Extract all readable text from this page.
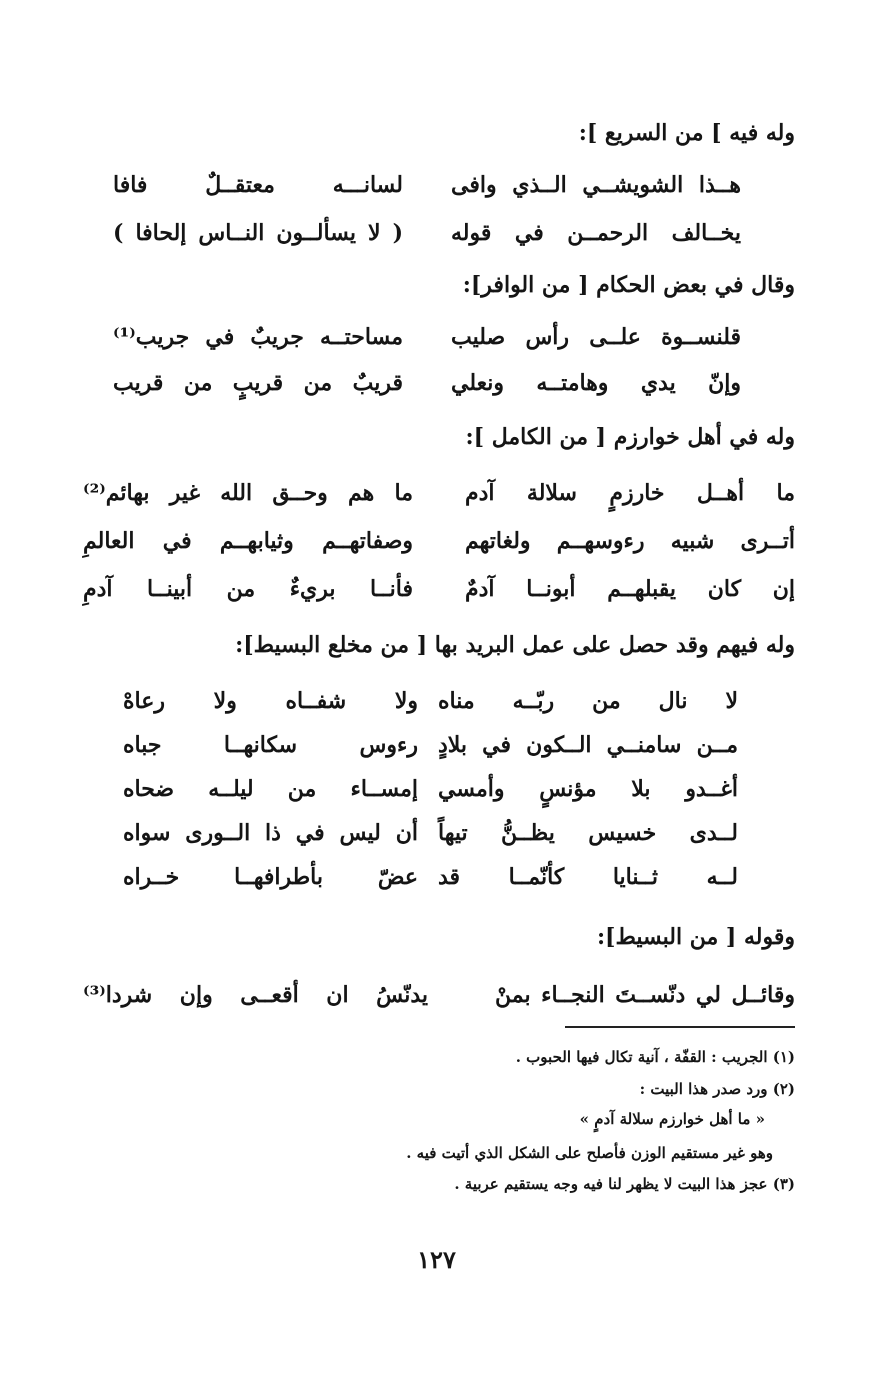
وله فيه ] من السريع ]:
هــذا الشويشــي الــذي وافى
لسانـــه معتقــلٌ فافا
يخــالف الرحمــن في قوله
( لا يسألــون النــاس إلحافا )
وقال في بعض الحكام [ من الوافر]:
قلنســوة علــى رأس صليب
مساحتــه جريبٌ في جريب⁽¹⁾
وإنّ يدي وهامتــه ونعلي
قريبٌ من قريبٍ من قريب
وله في أهل خوارزم [ من الكامل ]:
ما أهــل خارزمٍ سلالة آدم
ما هم وحــق الله غير بهائم⁽²⁾
أتــرى شبيه رءوسهــم ولغاتهم
وصفاتهــم وثيابهــم في العالمِ
إن كان يقبلهــم أبونــا آدمٌ
فأنــا بريءٌ من أبينــا آدمِ
وله فيهم وقد حصل على عمل البريد بها [ من مخلع البسيط]:
لا نال من ربّــه مناه
ولا شفــاه ولا رعاهْ
مــن سامنــي الــكون في بلادٍ
رءوس سكانهــا جباه
أغــدو بلا مؤنسٍ وأمسي
إمســاء من ليلــه ضحاه
لــدى خسيس يظــنُّ تيهاً
أن ليس في ذا الــورى سواه
لــه ثــنايا كأنّمــا قد
عضّ بأطرافهــا خــراه
وقوله [ من البسيط]:
وقائــل لي دنّســتَ النجــاء بمنْ
يدنّسُ ان أقعــى وإن شردا⁽³⁾
(١) الجريب : القفّة ، آنية تكال فيها الحبوب .
(٢) ورد صدر هذا البيت :
« ما أهل خوارزم سلالة آدمٍ »
وهو غير مستقيم الوزن فأصلح على الشكل الذي أتيت فيه .
(٣) عجز هذا البيت لا يظهر لنا فيه وجه يستقيم عربية .
١٢٧
